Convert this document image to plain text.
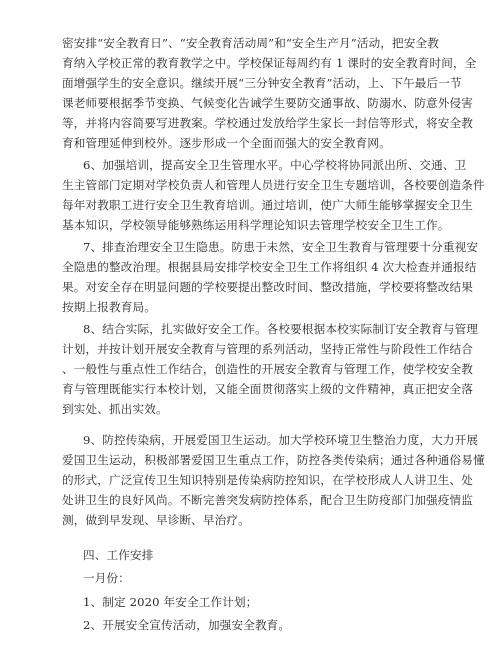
密安排“安全教育日”、“安全教育活动周”和“安全生产月”活动，把安全教
育纳入学校正常的教育教学之中。学校保证每周约有 1 课时的安全教育时间，全
面增强学生的安全意识。继续开展“三分钟安全教育”活动，上、下午最后一节
课老师要根据季节变换、气候变化告诫学生要防交通事故、防溺水、防意外侵害
等，并将内容简要写进教案。学校通过发放给学生家长一封信等形式，将安全教
育和管理延伸到校外。逐步形成一个全面而强大的安全教育网。
6、加强培训，提高安全卫生管理水平。中心学校将协同派出所、交通、卫
生主管部门定期对学校负责人和管理人员进行安全卫生专题培训，各校要创造条件
每年对教职工进行安全卫生教育培训。通过培训，使广大师生能够掌握安全卫生
基本知识，学校领导能够熟练运用科学理论知识去管理学校安全卫生工作。
7、排查治理安全卫生隐患。防患于未然，安全卫生教育与管理要十分重视安
全隐患的整改治理。根据县局安排学校安全卫生工作将组织 4 次大检查并通报结
果。对安全存在明显问题的学校要提出整改时间、整改措施，学校要将整改结果
按期上报教育局。
8、结合实际，扎实做好安全工作。各校要根据本校实际制订安全教育与管理
计划，并按计划开展安全教育与管理的系列活动，坚持正常性与阶段性工作结合
、一般性与重点性工作结合，创造性的开展安全教育与管理工作，使学校安全教
育与管理既能实行本校计划，又能全面贯彻落实上级的文件精神，真正把安全落
到实处、抓出实效。
9、防控传染病，开展爱国卫生运动。加大学校环境卫生整治力度，大力开展
爱国卫生运动，积极部署爱国卫生重点工作，防控各类传染病；通过各种通俗易懂
的形式，广泛宣传卫生知识特别是传染病防控知识，在学校形成人人讲卫生、处
处讲卫生的良好风尚。不断完善突发病防控体系，配合卫生防疫部门加强疫情监
测，做到早发现、早诊断、早治疗。
四、工作安排
一月份：
1、制定 2020 年安全工作计划；
2、开展安全宣传活动，加强安全教育。
